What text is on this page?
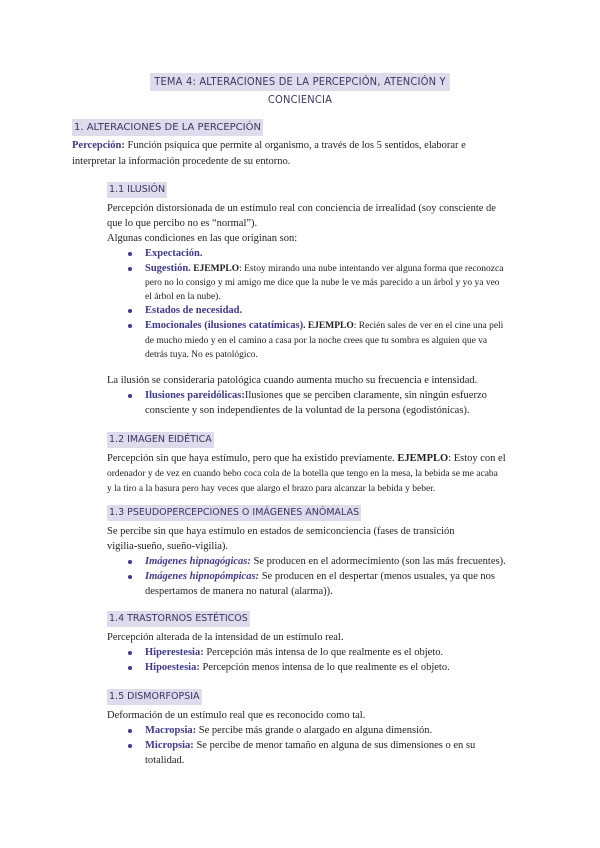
TEMA 4: ALTERACIONES DE LA PERCEPCIÓN, ATENCIÓN Y CONCIENCIA
1. ALTERACIONES DE LA PERCEPCIÓN
Percepción: Función psíquica que permite al organismo, a través de los 5 sentidos, elaborar e
interpretar la información procedente de su entorno.
1.1 ILUSIÓN
Percepción distorsionada de un estímulo real con conciencia de irrealidad (soy consciente de
que lo que percibo no es “normal”).
Algunas condiciones en las que originan son:
Expectación.
Sugestión. EJEMPLO: Estoy mirando una nube intentando ver alguna forma que reconozca
pero no lo consigo y mi amigo me dice que la nube le ve más parecido a un árbol y yo ya veo
el árbol en la nube).
Estados de necesidad.
Emocionales (ilusiones catatímicas). EJEMPLO: Recién sales de ver en el cine una peli
de mucho miedo y en el camino a casa por la noche crees que tu sombra es alguien que va
detrás tuya. No es patológico.
La ilusión se consideraría patológica cuando aumenta mucho su frecuencia e intensidad.
Ilusiones pareidólicas:Ilusiones que se perciben claramente, sin ningún esfuerzo
consciente y son independientes de la voluntad de la persona (egodistónicas).
1.2 IMAGEN EIDÉTICA
Percepción sin que haya estímulo, pero que ha existido previamente. EJEMPLO: Estoy con el
ordenador y de vez en cuando bebo coca cola de la botella que tengo en la mesa, la bebida se me acaba
y la tiro a la basura pero hay veces que alargo el brazo para alcanzar la bebida y beber.
1.3 PSEUDOPERCEPCIONES O IMÁGENES ANÓMALAS
Se percibe sin que haya estímulo en estados de semiconciencia (fases de transición
vigilia-sueño, sueño-vigilia).
Imágenes hipnagógicas: Se producen en el adormecimiento (son las más frecuentes).
Imágenes hipnopómpicas: Se producen en el despertar (menos usuales, ya que nos
despertamos de manera no natural (alarma)).
1.4 TRASTORNOS ESTÉTICOS
Percepción alterada de la intensidad de un estímulo real.
Hiperestesia: Percepción más intensa de lo que realmente es el objeto.
Hipoestesia: Percepción menos intensa de lo que realmente es el objeto.
1.5 DISMORFOPSIA
Deformación de un estímulo real que es reconocido como tal.
Macropsia: Se percibe más grande o alargado en alguna dimensión.
Micropsia: Se percibe de menor tamaño en alguna de sus dimensiones o en su
totalidad.
